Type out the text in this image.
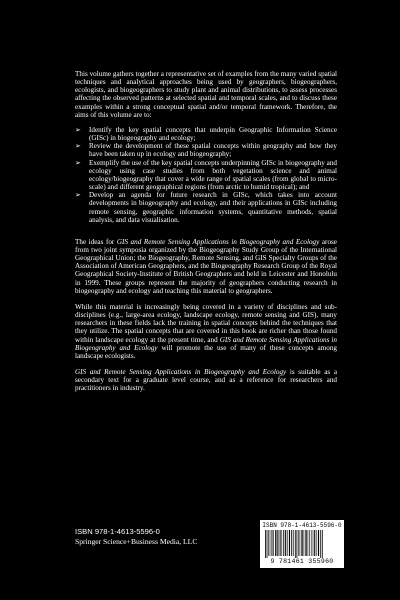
This volume gathers together a representative set of examples from the many varied spatial techniques and analytical approaches being used by geographers, biogeographers, ecologists, and biogeographers to study plant and animal distributions, to assess processes affecting the observed patterns at selected spatial and temporal scales, and to discuss these examples within a strong conceptual spatial and/or temporal framework. Therefore, the aims of this volume are to:

➢ Identify the key spatial concepts that underpin Geographic Information Science (GISc) in biogeography and ecology;
➢ Review the development of these spatial concepts within geography and how they have been taken up in ecology and biogeography;
➢ Exemplify the use of the key spatial concepts underpinning GISc in biogeography and ecology using case studies from both vegetation science and animal ecology/biogeography that cover a wide range of spatial scales (from global to micro-scale) and different geographical regions (from arctic to humid tropical); and
➢ Develop an agenda for future research in GISc, which takes into account developments in biogeography and ecology, and their applications in GISc including remote sensing, geographic information systems, quantitative methods, spatial analysis, and data visualisation.

The ideas for GIS and Remote Sensing Applications in Biogeography and Ecology arose from two joint symposia organized by the Biogeography Study Group of the International Geographical Union; the Biogeography, Remote Sensing, and GIS Specialty Groups of the Association of American Geographers, and the Biogeography Research Group of the Royal Geographical Society-Institute of British Geographers and held in Leicester and Honolulu in 1999. These groups represent the majority of geographers conducting research in biogeography and ecology and teaching this material to geographers.

While this material is increasingly being covered in a variety of disciplines and sub-disciplines (e.g., large-area ecology, landscape ecology, remote sensing and GIS), many researchers in these fields lack the training in spatial concepts behind the techniques that they utilize. The spatial concepts that are covered in this book are richer than those found within landscape ecology at the present time, and GIS and Remote Sensing Applications in Biogeography and Ecology will promote the use of many of these concepts among landscape ecologists.

GIS and Remote Sensing Applications in Biogeography and Ecology is suitable as a secondary text for a graduate level course, and as a reference for researchers and practitioners in industry.

ISBN 978-1-4613-5596-0
Springer Science+Business Media, LLC
ISBN 978-1-4613-5596-0
9 781461 355960
